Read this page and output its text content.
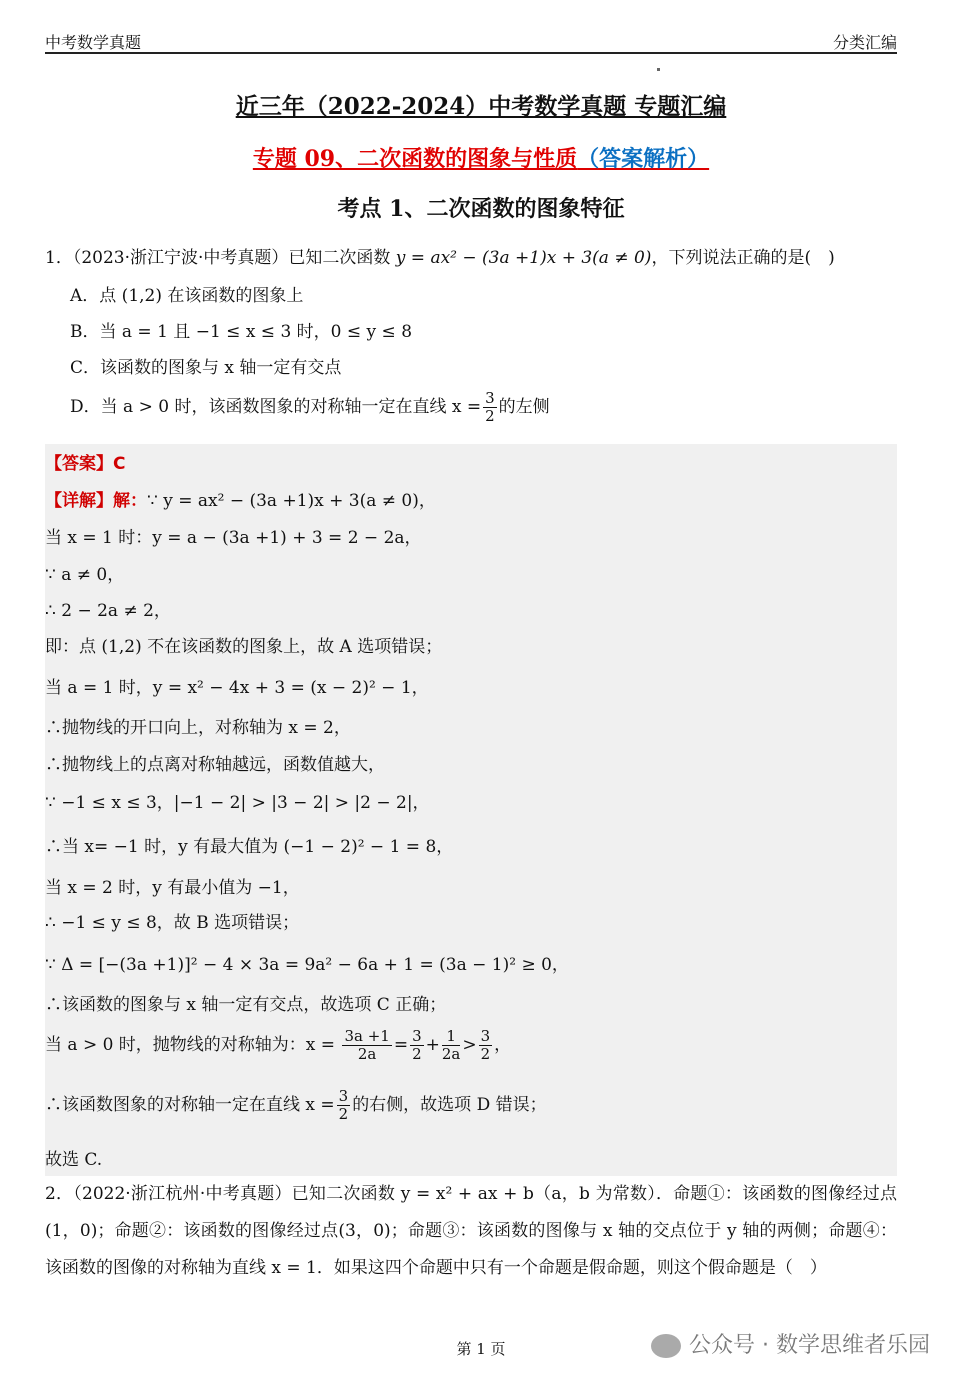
中考数学真题	分类汇编
近三年（2022-2024）中考数学真题 专题汇编
专题 09、二次函数的图象与性质（答案解析）
考点 1、二次函数的图象特征
1．（2023·浙江宁波·中考真题）已知二次函数 y = ax² − (3a +1)x + 3(a ≠ 0)，下列说法正确的是(　)
A．点 (1,2) 在该函数的图象上
B．当 a = 1 且 −1 ≤ x ≤ 3 时，0 ≤ y ≤ 8
C．该函数的图象与 x 轴一定有交点
D．当 a > 0 时，该函数图象的对称轴一定在直线 $x = \frac{3}{2}$ 的左侧
【答案】C
【详解】解：∵ y = ax² − (3a +1)x + 3(a ≠ 0)，
当 x = 1 时：y = a − (3a +1) + 3 = 2 − 2a，
∵ a ≠ 0，
∴ 2 − 2a ≠ 2，
即：点 (1,2) 不在该函数的图象上，故 A 选项错误；
当 a = 1 时，y = x² − 4x + 3 = (x − 2)² − 1，
∴抛物线的开口向上，对称轴为 x = 2，
∴抛物线上的点离对称轴越远，函数值越大，
∵ −1 ≤ x ≤ 3，|−1 − 2| > |3 − 2| > |2 − 2|，
∴当 x= −1 时，y 有最大值为 (−1 − 2)² − 1 = 8，
当 x = 2 时，y 有最小值为 −1，
∴ −1 ≤ y ≤ 8，故 B 选项错误；
∵ Δ = [−(3a +1)]² − 4 × 3a = 9a² − 6a + 1 = (3a − 1)² ≥ 0，
∴该函数的图象与 x 轴一定有交点，故选项 C 正确；
当 a > 0 时，抛物线的对称轴为：$x = \frac{3a +1}{2a} = \frac{3}{2} + \frac{1}{2a} > \frac{3}{2}$ ，
∴该函数图象的对称轴一定在直线 $x = \frac{3}{2}$ 的右侧，故选项 D 错误；
故选 C.
2．（2022·浙江杭州·中考真题）已知二次函数 y = x² + ax + b（a，b 为常数）．命题①：该函数的图像经过点(1，0)；命题②：该函数的图像经过点(3，0)；命题③：该函数的图像与 x 轴的交点位于 y 轴的两侧；命题④：该函数的图像的对称轴为直线 x = 1．如果这四个命题中只有一个命题是假命题，则这个假命题是（　）
第 1 页	公众号 · 数学思维者乐园
